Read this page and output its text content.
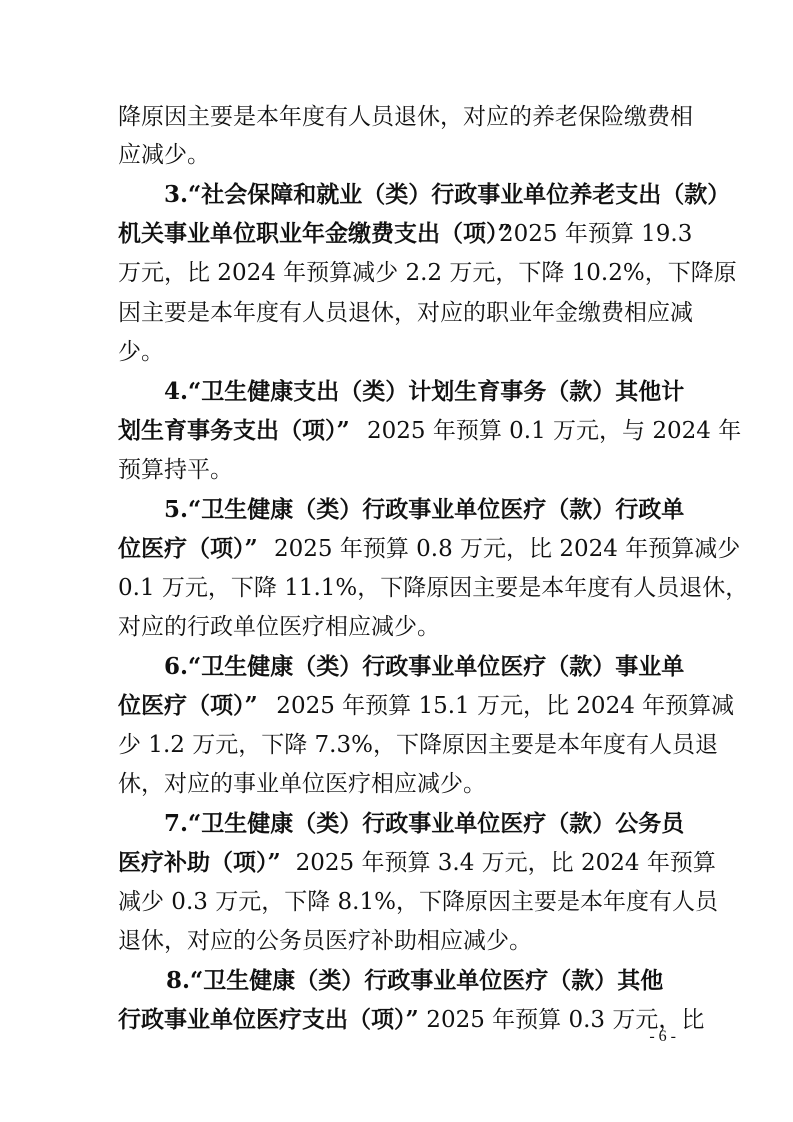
降原因主要是本年度有人员退休，对应的养老保险缴费相
应减少。
3.“社会保障和就业（类）行政事业单位养老支出（款）
机关事业单位职业年金缴费支出（项）”
2025 年预算 19.3
万元，比 2024 年预算减少 2.2 万元，下降 10.2%，下降原
因主要是本年度有人员退休，对应的职业年金缴费相应减
少。
4.“卫生健康支出（类）计划生育事务（款）其他计
划生育事务支出（项）” 2025 年预算 0.1 万元，与 2024 年
预算持平。
5.“卫生健康（类）行政事业单位医疗（款）行政单
位医疗（项）” 2025 年预算 0.8 万元，比 2024 年预算减少
0.1 万元，下降 11.1%，下降原因主要是本年度有人员退休，
对应的行政单位医疗相应减少。
6.“卫生健康（类）行政事业单位医疗（款）事业单
位医疗（项）” 2025 年预算 15.1 万元，比 2024 年预算减
少 1.2 万元，下降 7.3%，下降原因主要是本年度有人员退
休，对应的事业单位医疗相应减少。
7.“卫生健康（类）行政事业单位医疗（款）公务员
医疗补助（项）” 2025 年预算 3.4 万元，比 2024 年预算
减少 0.3 万元，下降 8.1%，下降原因主要是本年度有人员
退休，对应的公务员医疗补助相应减少。
8.“卫生健康（类）行政事业单位医疗（款）其他
行政事业单位医疗支出（项）” 2025 年预算 0.3 万元，比
- 6 -
